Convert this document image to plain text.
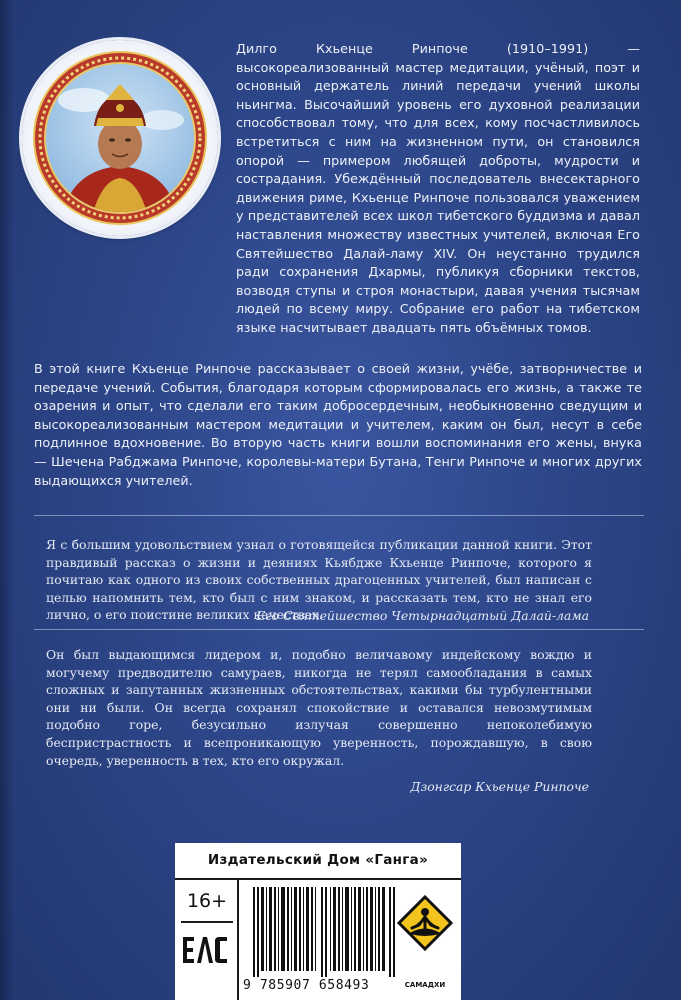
Дилго Кхьенце Ринпоче (1910–1991) — высокореализованный мастер медитации, учёный, поэт и основный держатель линий передачи учений школы ньингма. Высочайший уровень его духовной реализации способствовал тому, что для всех, кому посчастливилось встретиться с ним на жизненном пути, он становился опорой — примером любящей доброты, мудрости и сострадания. Убеждённый последователь внесектарного движения риме, Кхьенце Ринпоче пользовался уважением у представителей всех школ тибетского буддизма и давал наставления множеству известных учителей, включая Его Святейшество Далай-ламу XIV. Он неустанно трудился ради сохранения Дхармы, публикуя сборники текстов, возводя ступы и строя монастыри, давая учения тысячам людей по всему миру. Собрание его работ на тибетском языке насчитывает двадцать пять объёмных томов.

В этой книге Кхьенце Ринпоче рассказывает о своей жизни, учёбе, затворничестве и передаче учений. События, благодаря которым сформировалась его жизнь, а также те озарения и опыт, что сделали его таким добросердечным, необыкновенно сведущим и высокореализованным мастером медитации и учителем, каким он был, несут в себе подлинное вдохновение. Во вторую часть книги вошли воспоминания его жены, внука — Шечена Рабджама Ринпоче, королевы-матери Бутана, Тенги Ринпоче и многих других выдающихся учителей.

Я с большим удовольствием узнал о готовящейся публикации данной книги. Этот правдивый рассказ о жизни и деяниях Кьябдже Кхьенце Ринпоче, которого я почитаю как одного из своих собственных драгоценных учителей, был написан с целью напомнить тем, кто был с ним знаком, и рассказать тем, кто не знал его лично, о его поистине великих качествах.

Его Святейшество Четырнадцатый Далай-лама

Он был выдающимся лидером и, подобно величавому индейскому вождю и могучему предводителю самураев, никогда не терял самообладания в самых сложных и запутанных жизненных обстоятельствах, какими бы турбулентными они ни были. Он всегда сохранял спокойствие и оставался невозмутимым подобно горе, безусильно излучая совершенно непоколебимую беспристрастность и всепроникающую уверенность, порождавшую, в свою очередь, уверенность в тех, кто его окружал.

Дзонгсар Кхьенце Ринпоче
Издательский Дом «Ганга»
16+
9 785907 658493	САМАДХИ
